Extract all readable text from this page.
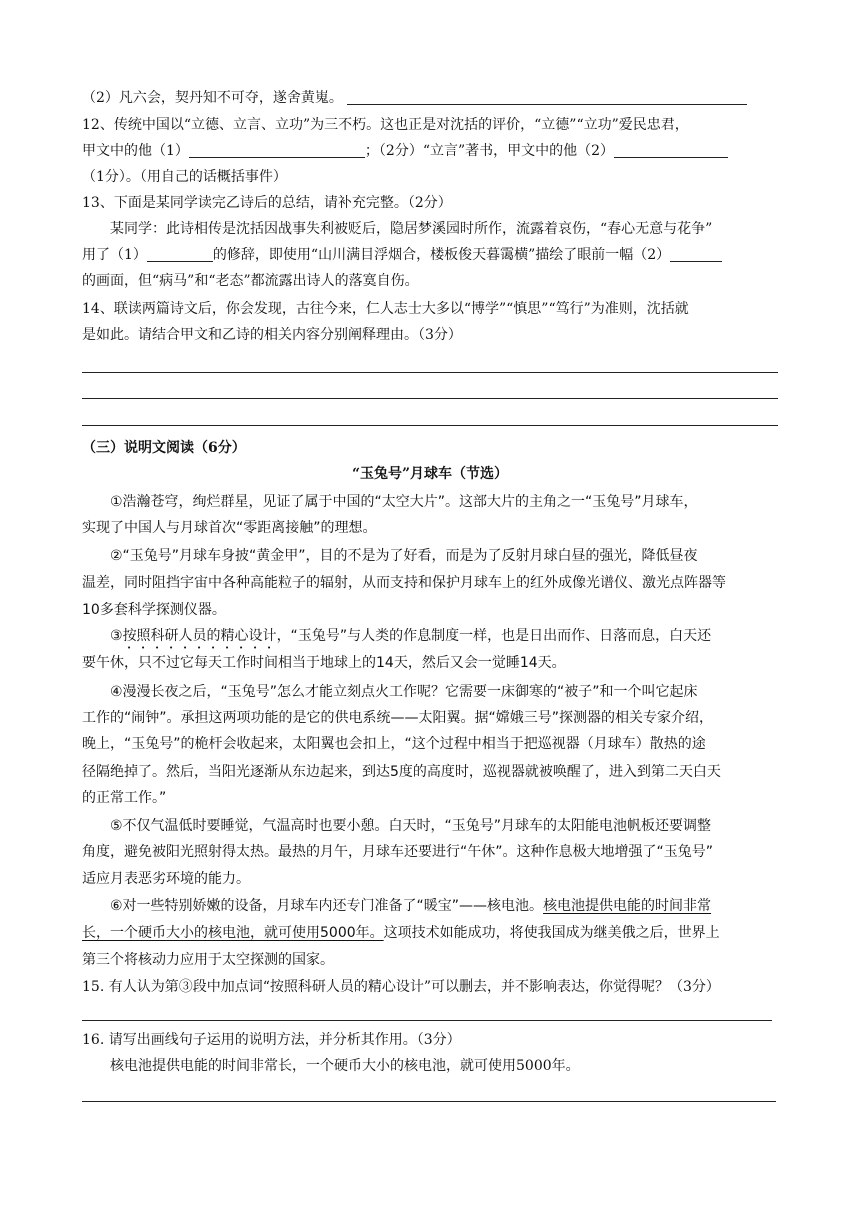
（2）凡六会，契丹知不可夺，遂舍黄嵬。
12、传统中国以“立德、立言、立功”为三不朽。这也正是对沈括的评价，“立德”“立功”爱民忠君，
甲文中的他（1）	；（2分）“立言”著书，甲文中的他（2）
（1分）。（用自己的话概括事件）
13、下面是某同学读完乙诗后的总结，请补充完整。（2分）
某同学：此诗相传是沈括因战事失利被贬后，隐居梦溪园时所作，流露着哀伤，“春心无意与花争”
用了（1）	的修辞，即使用“山川满目浮烟合，楼板俊天暮霭横”描绘了眼前一幅（2）
的画面，但“病马”和“老态”都流露出诗人的落寞自伤。
14、联读两篇诗文后，你会发现，古往今来，仁人志士大多以“博学”“慎思”“笃行”为准则，沈括就
是如此。请结合甲文和乙诗的相关内容分别阐释理由。（3分）
（三）说明文阅读（6分）
“玉兔号”月球车（节选）
①浩瀚苍穹，绚烂群星，见证了属于中国的“太空大片”。这部大片的主角之一“玉兔号”月球车，
实现了中国人与月球首次“零距离接触”的理想。
②“玉兔号”月球车身披“黄金甲”，目的不是为了好看，而是为了反射月球白昼的强光，降低昼夜
温差，同时阻挡宇宙中各种高能粒子的辐射，从而支持和保护月球车上的红外成像光谱仪、激光点阵器等
10多套科学探测仪器。
③按照科研人员的精心设计，“玉兔号”与人类的作息制度一样，也是日出而作、日落而息，白天还
要午休，只不过它每天工作时间相当于地球上的14天，然后又会一觉睡14天。
④漫漫长夜之后，“玉兔号”怎么才能立刻点火工作呢？它需要一床御寒的“被子”和一个叫它起床
工作的“闹钟”。承担这两项功能的是它的供电系统——太阳翼。据“嫦娥三号”探测器的相关专家介绍，
晚上，“玉兔号”的桅杆会收起来，太阳翼也会扣上，“这个过程中相当于把巡视器（月球车）散热的途
径隔绝掉了。然后，当阳光逐渐从东边起来，到达5度的高度时，巡视器就被唤醒了，进入到第二天白天
的正常工作。”
⑤不仅气温低时要睡觉，气温高时也要小憩。白天时，“玉兔号”月球车的太阳能电池帆板还要调整
角度，避免被阳光照射得太热。最热的月午，月球车还要进行“午休”。这种作息极大地增强了“玉兔号”
适应月表恶劣环境的能力。
⑥对一些特别娇嫩的设备，月球车内还专门准备了“暖宝”——核电池。核电池提供电能的时间非常
长，一个硬币大小的核电池，就可使用5000年。这项技术如能成功，将使我国成为继美俄之后，世界上
第三个将核动力应用于太空探测的国家。
15. 有人认为第③段中加点词“按照科研人员的精心设计”可以删去，并不影响表达，你觉得呢？（3分）
16. 请写出画线句子运用的说明方法，并分析其作用。（3分）
核电池提供电能的时间非常长，一个硬币大小的核电池，就可使用5000年。
